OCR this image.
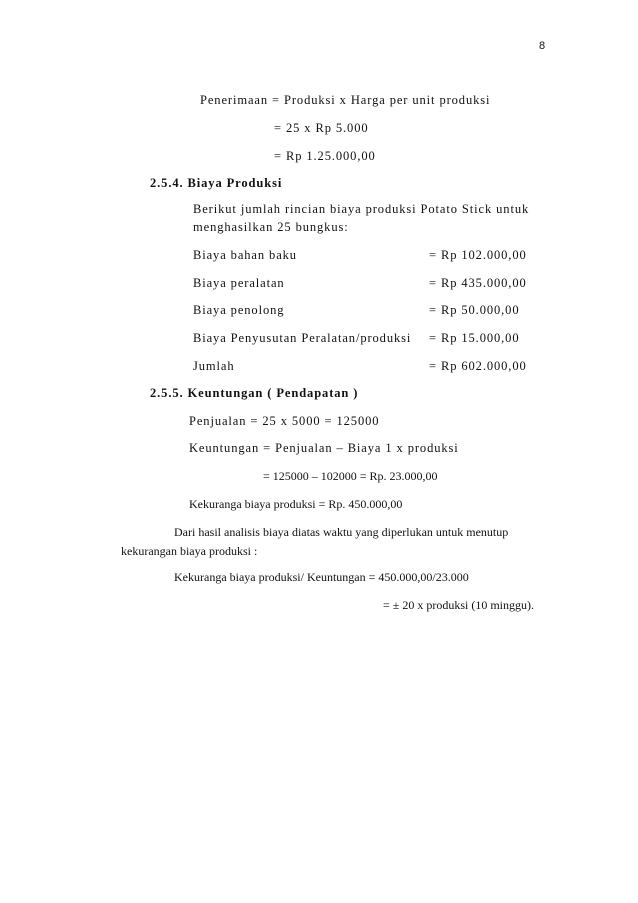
8
Penerimaan = Produksi x Harga per unit produksi
= 25 x Rp 5.000
= Rp 1.25.000,00
2.5.4. Biaya Produksi
Berikut jumlah rincian biaya produksi Potato Stick untuk
menghasilkan 25 bungkus:
Biaya bahan baku	= Rp 102.000,00
Biaya peralatan	= Rp 435.000,00
Biaya penolong	= Rp 50.000,00
Biaya Penyusutan Peralatan/produksi = Rp 15.000,00
Jumlah	= Rp 602.000,00
2.5.5. Keuntungan ( Pendapatan )
Penjualan = 25 x 5000 = 125000
Keuntungan = Penjualan – Biaya 1 x produksi
= 125000 – 102000 = Rp. 23.000,00
Kekuranga biaya produksi = Rp. 450.000,00
Dari hasil analisis biaya diatas waktu yang diperlukan untuk menutup
kekurangan biaya produksi :
Kekuranga biaya produksi/ Keuntungan = 450.000,00/23.000
= ± 20 x produksi (10 minggu).
